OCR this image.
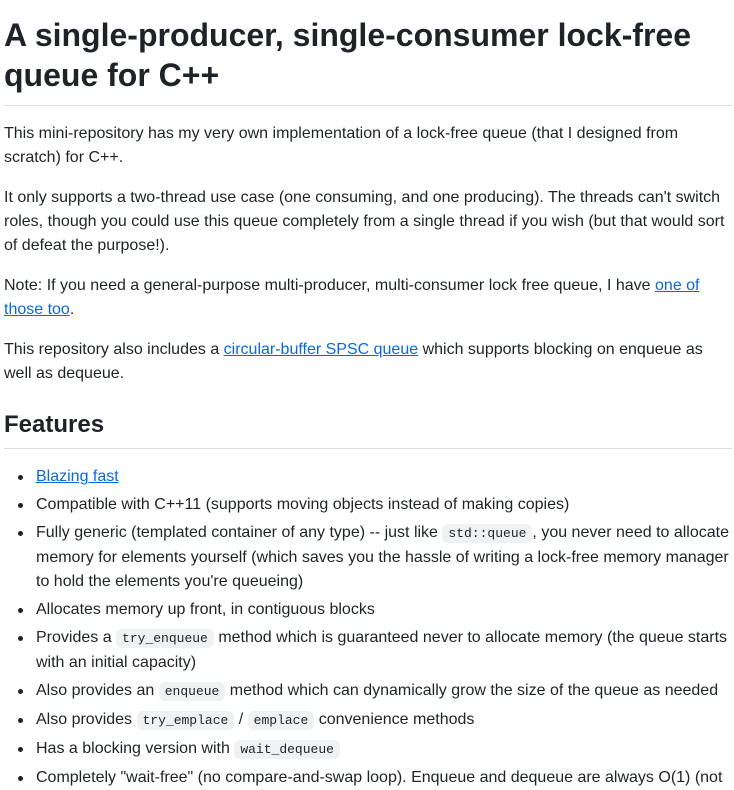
A single-producer, single-consumer lock-free queue for C++

This mini-repository has my very own implementation of a lock-free queue (that I designed from scratch) for C++.

It only supports a two-thread use case (one consuming, and one producing). The threads can't switch roles, though you could use this queue completely from a single thread if you wish (but that would sort of defeat the purpose!).

Note: If you need a general-purpose multi-producer, multi-consumer lock free queue, I have one of those too.

This repository also includes a circular-buffer SPSC queue which supports blocking on enqueue as well as dequeue.

Features
Blazing fast
Compatible with C++11 (supports moving objects instead of making copies)
Fully generic (templated container of any type) -- just like std::queue , you never need to allocate memory for elements yourself (which saves you the hassle of writing a lock-free memory manager to hold the elements you're queueing)
Allocates memory up front, in contiguous blocks
Provides a try_enqueue method which is guaranteed never to allocate memory (the queue starts with an initial capacity)
Also provides an enqueue method which can dynamically grow the size of the queue as needed
Also provides try_emplace / emplace convenience methods
Has a blocking version with wait_dequeue
Completely "wait-free" (no compare-and-swap loop). Enqueue and dequeue are always O(1) (not
